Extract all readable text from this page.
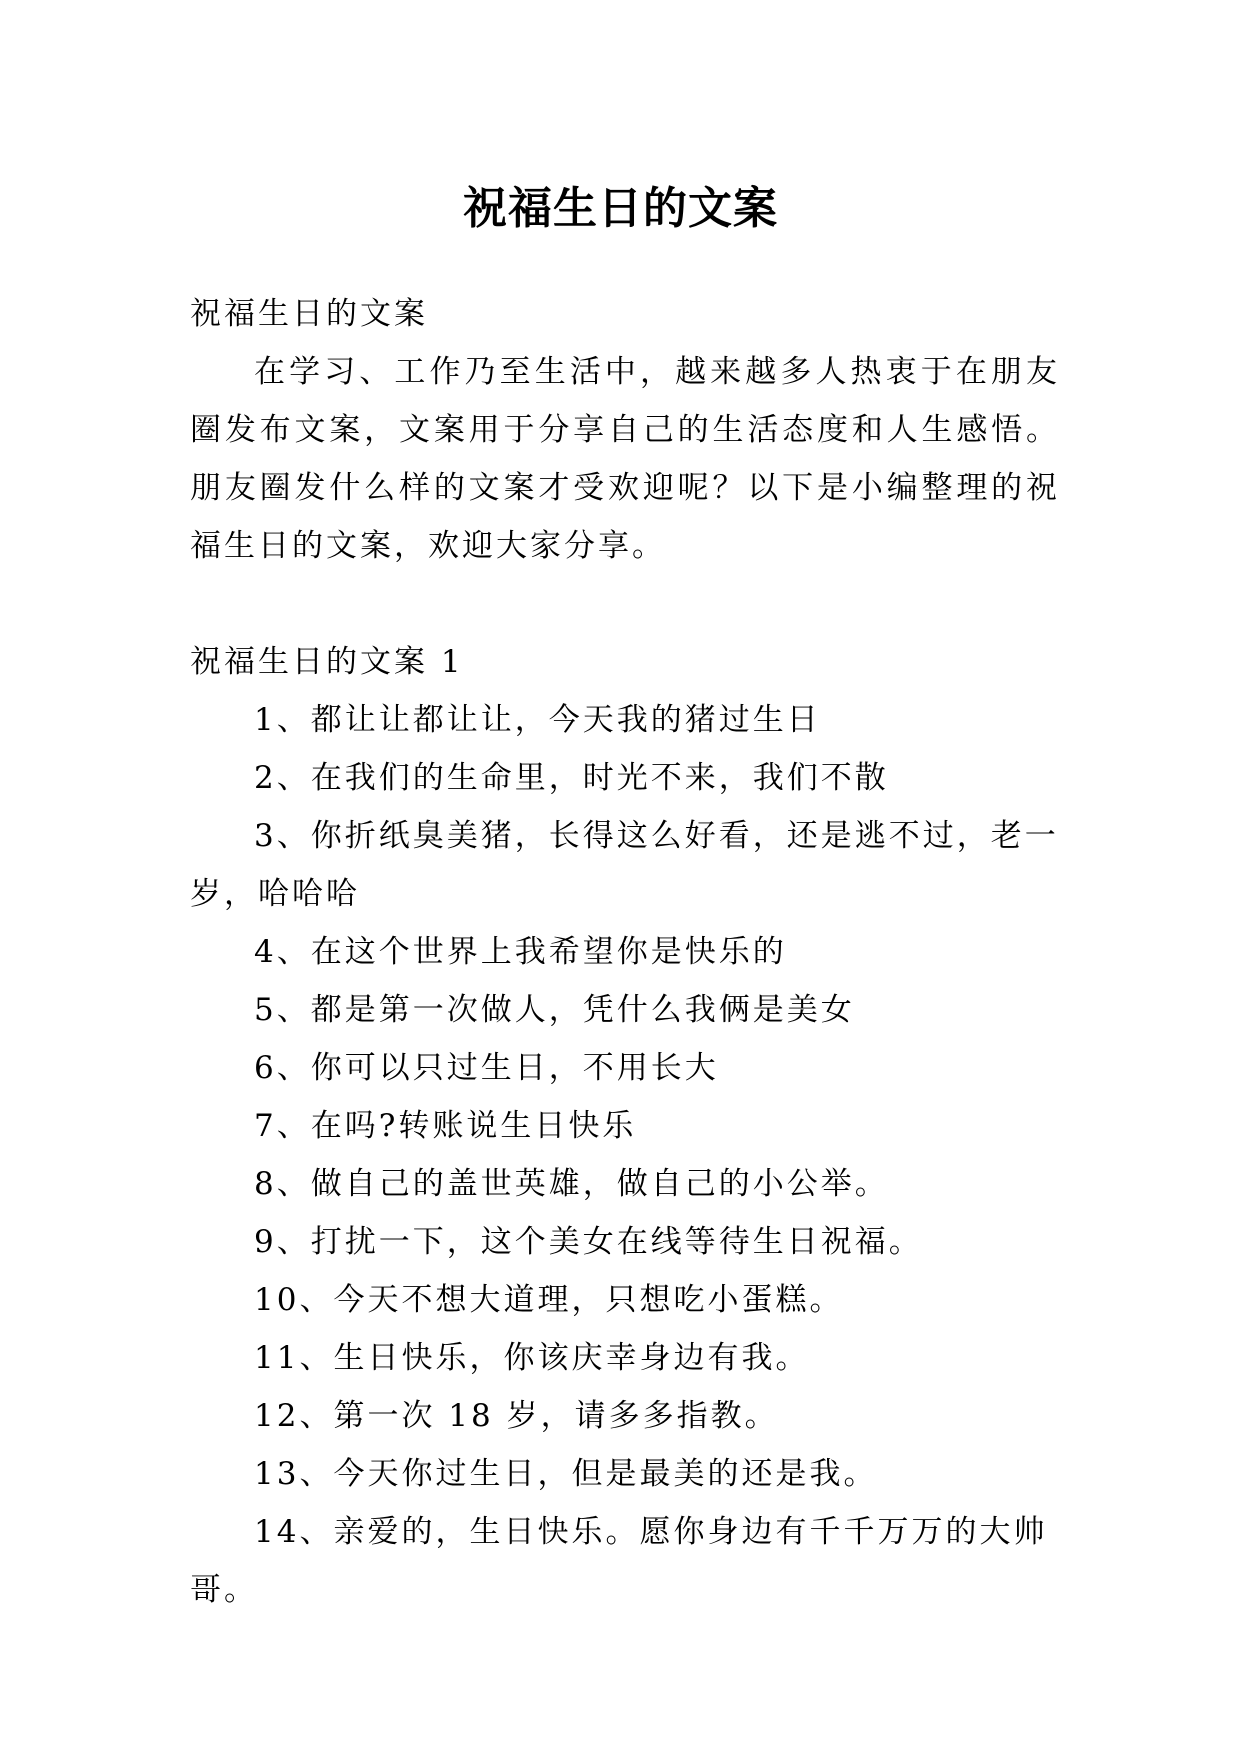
祝福生日的文案

祝福生日的文案

在学习、工作乃至生活中，越来越多人热衷于在朋友圈发布文案，文案用于分享自己的生活态度和人生感悟。朋友圈发什么样的文案才受欢迎呢？以下是小编整理的祝福生日的文案，欢迎大家分享。

祝福生日的文案 1

1、都让让都让让，今天我的猪过生日
2、在我们的生命里，时光不来，我们不散
3、你折纸臭美猪，长得这么好看，还是逃不过，老一岁，哈哈哈
4、在这个世界上我希望你是快乐的
5、都是第一次做人，凭什么我俩是美女
6、你可以只过生日，不用长大
7、在吗?转账说生日快乐
8、做自己的盖世英雄，做自己的小公举。
9、打扰一下，这个美女在线等待生日祝福。
10、今天不想大道理，只想吃小蛋糕。
11、生日快乐，你该庆幸身边有我。
12、第一次 18 岁，请多多指教。
13、今天你过生日，但是最美的还是我。
14、亲爱的，生日快乐。愿你身边有千千万万的大帅哥。
